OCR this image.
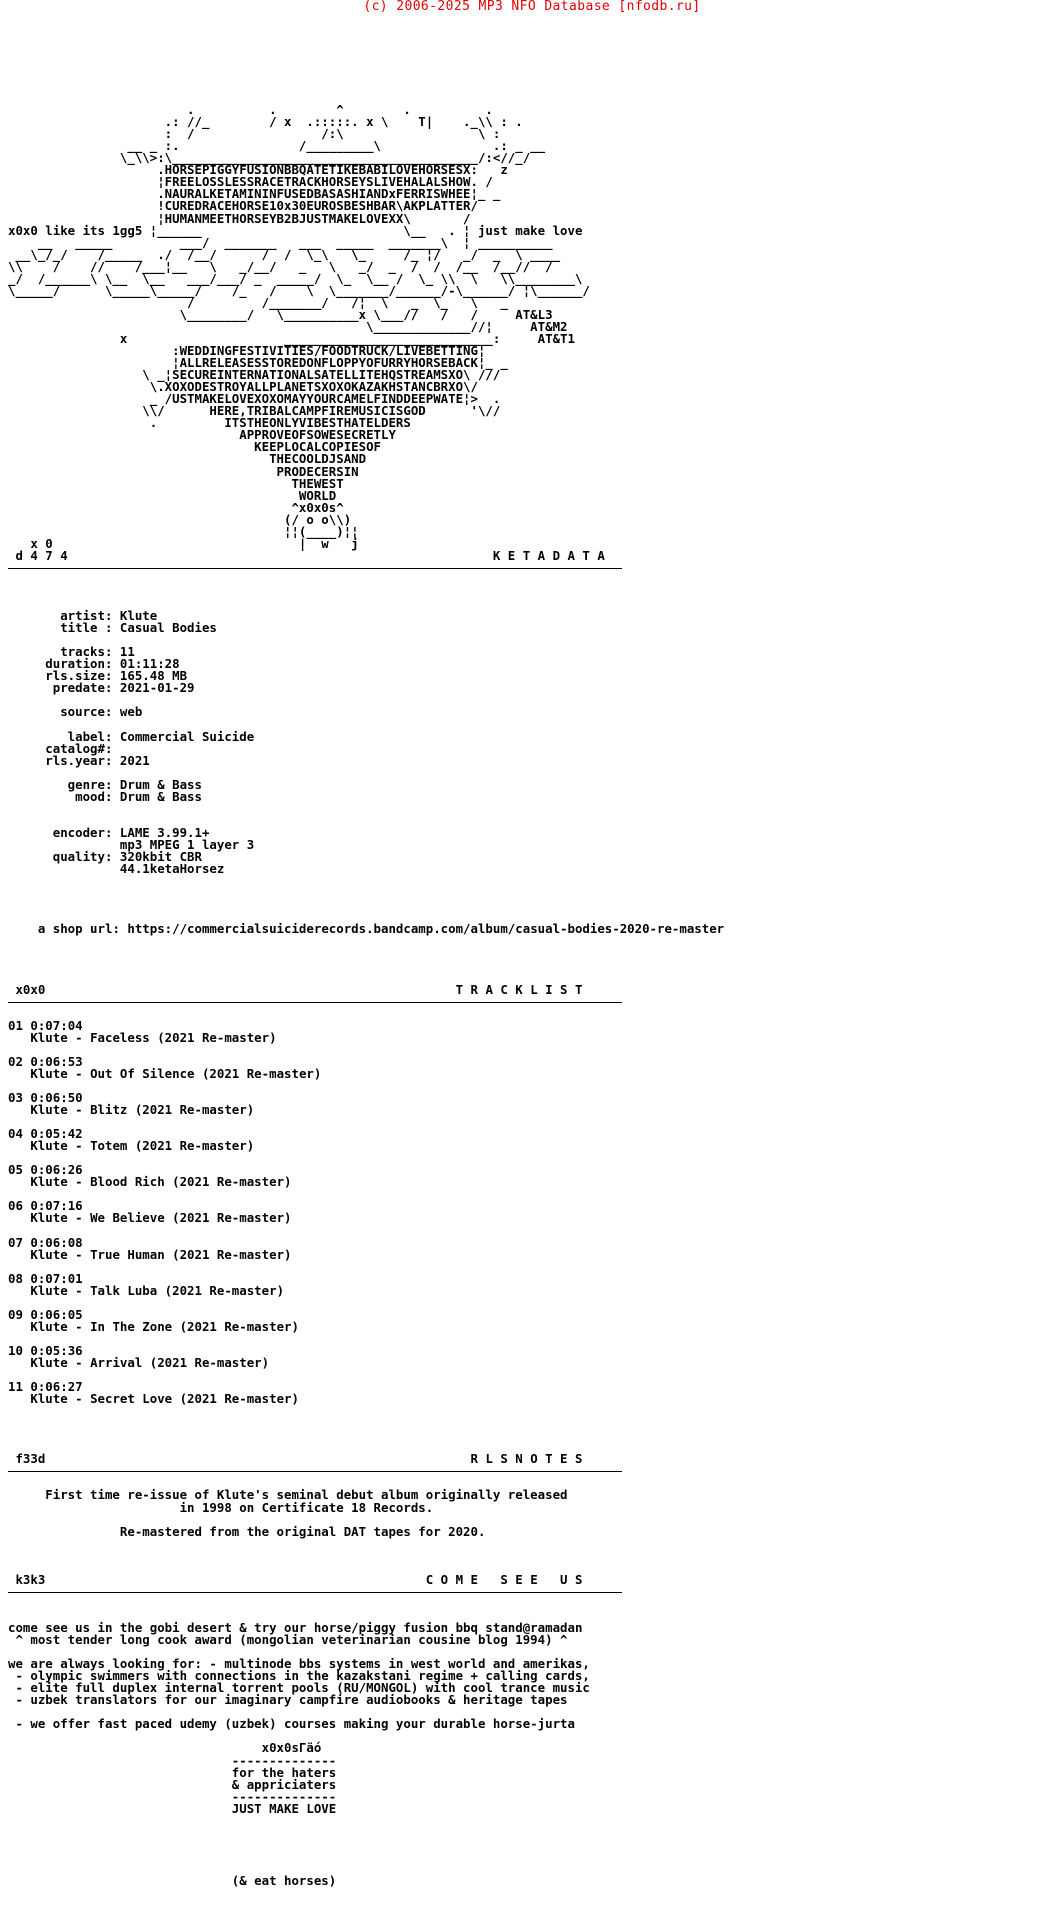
(c) 2006-2025 MP3 NFO Database [nfodb.ru]
.          .        ^        .          .
.: //_        / x  .:::::. x \    T|    ._\\ : .
:  /                 /:\                  \ :
__ _ :.                /_________\               .: _ __
\_\\>:\_________________________________________/:<//_/
.HORSEPIGGYFUSIONBBQATETIKEBABILOVEHORSESX:   z
¦FREELOSSLESSRACETRACKHORSEYSLIVEHALALSHOW. /
.NAURALKETAMININFUSEDBASASHIANDxFERRISWHEE¦_ _
!CUREDRACEHORSE10x30EUROSBESHBAR\AKPLATTER/
¦HUMANMEETHORSEYB2BJUSTMAKELOVEXX\       /
x0x0 like its 1gg5 ¦______                           \__   . ¦ just make love
__   _____         ___/  _______   ___  _____  _______\  ¦ __________
__\_/_/    /_____  ./  /__/      /  /  \_\   \_     /_ ¦/   _/  _  \ ____
\\    /    //    /___¦__   \   _/__/   _   \   _/  _  /  /  /__  /__//  /
_/  /______\ \__  \__   ___/___/ _  _____/  \_  \__ /  \_ \\  \   \\________\
\_____/      \_____\_____/    /_   /    \  \_______/______/-\______/ ¦\______/
/         /_______/   /¦  \   _  \_   \   _
\________/   \__________x \___//   /   /     AT&L3
\_____________//¦     AT&M2
x                     ____________________________:     AT&T1
:WEDDINGFESTIVITIES/FOODTRUCK/LIVEBETTING¦
¦ALLRELEASESSTOREDONFLOPPYOFURRYHORSEBACK¦_ _
\ _¦SECUREINTERNATIONALSATELLITEHQSTREAMSXO\ ///
\.XOXODESTROYALLPLANETSXOXOKAZAKHSTANCBRXO\/
_ /USTMAKELOVEXOXOMAYYOURCAMELFINDDEEPWATE¦>  .
\\/      HERE,TRIBALCAMPFIREMUSICISGOD      '\//
.         ITSTHEONLYVIBESTHATELDERS
APPROVEOFSOWESECRETLY
KEEPLOCALCOPIESOF
THECOOLDJSAND
PRODECERSIN
THEWEST
WORLD
^x0x0s^
(/ o o\\)
¦¦(____)¦¦
x 0                                 |  w   j
d 4 7 4                                                         K E T A D A T A
artist: Klute
title : Casual Bodies
tracks: 11
duration: 01:11:28
rls.size: 165.48 MB
predate: 2021-01-29
source: web
label: Commercial Suicide
catalog#:
rls.year: 2021
genre: Drum & Bass
mood: Drum & Bass
encoder: LAME 3.99.1+
mp3 MPEG 1 layer 3
quality: 320kbit CBR
44.1ketaHorsez
a shop url: https://commercialsuiciderecords.bandcamp.com/album/casual-bodies-2020-re-master
x0x0	T R A C K L I S T
01 0:07:04
Klute - Faceless (2021 Re-master)
02 0:06:53
Klute - Out Of Silence (2021 Re-master)
03 0:06:50
Klute - Blitz (2021 Re-master)
04 0:05:42
Klute - Totem (2021 Re-master)
05 0:06:26
Klute - Blood Rich (2021 Re-master)
06 0:07:16
Klute - We Believe (2021 Re-master)
07 0:06:08
Klute - True Human (2021 Re-master)
08 0:07:01
Klute - Talk Luba (2021 Re-master)
09 0:06:05
Klute - In The Zone (2021 Re-master)
10 0:05:36
Klute - Arrival (2021 Re-master)
11 0:06:27
Klute - Secret Love (2021 Re-master)
f33d	R L S N O T E S
First time re-issue of Klute's seminal debut album originally released
in 1998 on Certificate 18 Records.
Re-mastered from the original DAT tapes for 2020.
k3k3	C O M E   S E E   U S
come see us in the gobi desert & try our horse/piggy fusion bbq stand@ramadan
^ most tender long cook award (mongolian veterinarian cousine blog 1994) ^
we are always looking for: - multinode bbs systems in west world and amerikas,
- olympic swimmers with connections in the kazakstani regime + calling cards,
- elite full duplex internal torrent pools (RU/MONGOL) with cool trance music
- uzbek translators for our imaginary campfire audiobooks & heritage tapes
- we offer fast paced udemy (uzbek) courses making your durable horse-jurta
x0x0sГäó
--------------
for the haters
& appriciaters
--------------
JUST MAKE LOVE
(& eat horses)
